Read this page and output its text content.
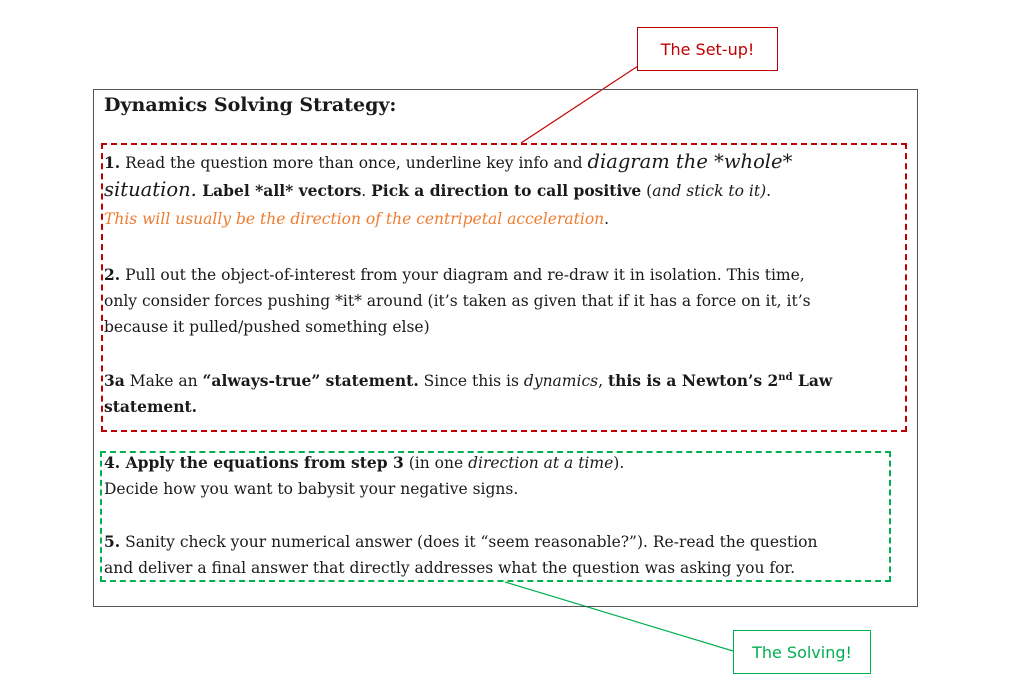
The Set-up!
Dynamics Solving Strategy:
1. Read the question more than once, underline key info and diagram the *whole*
situation. Label *all* vectors. Pick a direction to call positive (and stick to it).
This will usually be the direction of the centripetal acceleration.
2. Pull out the object-of-interest from your diagram and re-draw it in isolation. This time,
only consider forces pushing *it* around (it’s taken as given that if it has a force on it, it’s
because it pulled/pushed something else)
3a Make an “always-true” statement. Since this is dynamics, this is a Newton’s 2nd Law
statement.
4. Apply the equations from step 3 (in one direction at a time).
Decide how you want to babysit your negative signs.
5. Sanity check your numerical answer (does it “seem reasonable?”). Re-read the question
and deliver a final answer that directly addresses what the question was asking you for.
The Solving!
